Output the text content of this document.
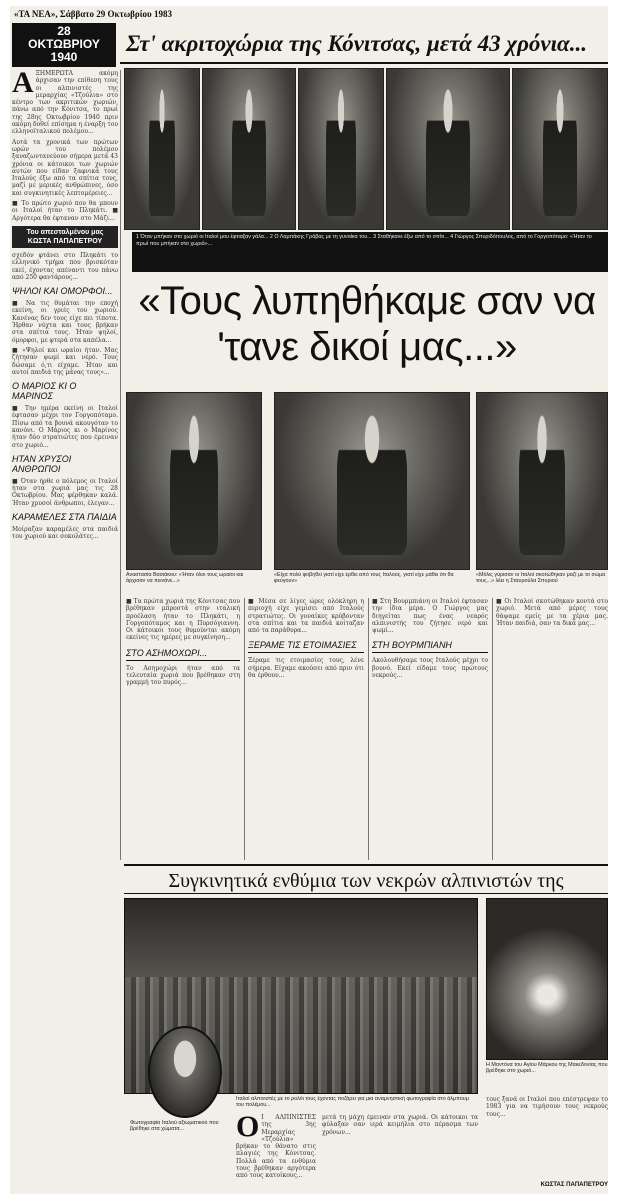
«ΤΑ ΝΕΑ», Σάββατο 29 Οκτωβρίου 1983
28
ΟΚΤΩΒΡΙΟΥ
1940
Στ' ακριτοχώρια της Κόνιτσας, μετά 43 χρόνια...

Α ΞΗΜΕΡΩΤΑ ακόμη άρχισαν την επίθεση τους οι αλπινιστές της μεραρχίας «Τζούλια» στο κέντρο των ακριτικών χωριών, πάνω από την Κόνιτσα, το πρωί της 28ης Οκτωβρίου 1940 πριν ακόμη δοθεί επίσημα η έναρξη του ελληνοϊταλικού πολέμου...

Αυτά τα χρονικά των πρώτων ωρών του πολέμου ξαναζωντανεύουν σήμερα μετά 43 χρόνια οι κάτοικοι των χωριών αυτών που είδαν ξαφνικά τους Ιταλούς έξω από τα σπίτια τους, μαζί με μερικές ανθρώπινες, όσο και συγκινητικές λεπτομέρειες...

■ Το πρώτο χωριό που θα μπουν οι Ιταλοί ήταν το Πληκάτι. ■ Αργότερα θα έφταναν στο Μάζι...

Του απεσταλμένου μας ΚΩΣΤΑ ΠΑΠΑΠΕΤΡΟΥ

σχεδόν φτάνει στο Πληκάτι το ελληνικό τμήμα που βρισκόταν εκεί, έχοντας απέναντι του πάνω από 250 φαντάρους...

ΨΗΛΟΙ ΚΑΙ ΟΜΟΡΦΟΙ...

■ Να τις θυμάται την εποχή εκείνη, οι γριές του χωριού. Κανένας δεν τους είχε πει τίποτα. Ήρθαν νύχτα και τους βρήκαν στα σπίτια τους. Ήταν ψηλοί, όμορφοι, με φτερά στα καπέλα...

■ «Ψηλοί και ωραίοι ήταν. Μας ζήτησαν ψωμί και νερό. Τους δώσαμε ό,τι είχαμε. Ήταν και αυτοί παιδιά της μάνας τους»...

Ο ΜΑΡΙΟΣ ΚΙ Ο ΜΑΡΙΝΟΣ

■ Την ημέρα εκείνη οι Ιταλοί έφτασαν μέχρι τον Γοργοπόταμο. Πίσω από τα βουνά ακουγόταν το κανόνι. Ο Μάριος κι ο Μαρίνος ήταν δύο στρατιώτες που έμειναν στο χωριό...

ΗΤΑΝ ΧΡΥΣΟΙ ΑΝΘΡΩΠΟΙ

■ Όταν ήρθε ο πόλεμος οι Ιταλοί ήταν στα χωριά μας τις 28 Οκτωβρίου. Μας φέρθηκαν καλά. Ήταν χρυσοί άνθρωποι, έλεγαν...

ΚΑΡΑΜΕΛΕΣ ΣΤΑ ΠΑΙΔΙΑ

Μοίραζαν καραμέλες στα παιδιά του χωριού και σοκολάτες...

1 Όταν μπήκαν στο χωριό οι Ιταλοί μου έφτιαξαν γάλα... 2 Ο Λαμπάκης Γράβας με τη γυναίκα του... 3 Σταθήκανε έξω από το σπίτι... 4 Γιώργος Σπυριδόπουλος, από το Γοργοπόταμο: «Ήταν το πρωί που μπήκαν στο χωριό»...
«Τους λυπηθήκαμε σαν να 'τανε δικοί μας...»
Αναστασία Βασιάκου: «Ήταν όλοι τους ωραίοι και άρχισαν να πεινάνε...»
«Είχα πολύ φοβηθεί γιατί είχε έρθει από τους Ιταλούς, γιατί είχε μάθει ότι θα φεύγουν»
«Μόλις γύρισαν οι Ιταλοί σκοτώθηκαν μαζί με το σώμα τους...» λέει η Σταυρούλα Σπυριού

■ Τα πρώτα χωριά της Κόνιτσας που βρέθηκαν μπροστά στην ιταλική προέλαση ήταν το Πληκάτι, η Γοργοπόταμος και η Πυρσόγιαννη. Οι κάτοικοι τους θυμούνται ακόμη εκείνες τις ημέρες με συγκίνηση...

ΣΤΟ ΑΣΗΜΟΧΩΡΙ...

Το Ασημοχώρι ήταν από τα τελευταία χωριά που βρέθηκαν στη γραμμή του πυρός...

■ Μέσα σε λίγες ώρες ολόκληρη η περιοχή είχε γεμίσει από Ιταλούς στρατιώτες. Οι γυναίκες κρύβονταν στα σπίτια και τα παιδιά κοίταζαν από τα παράθυρα...

ΞΕΡΑΜΕ ΤΙΣ ΕΤΟΙΜΑΣΙΕΣ

Ξέραμε τις ετοιμασίες τους, λένε σήμερα. Είχαμε ακούσει από πριν ότι θα έρθουν...

■ Στη Βουρμπιάνη οι Ιταλοί έφτασαν την ίδια μέρα. Ο Γιώργος μας διηγείται πως ένας νεαρός αλπινιστής του ζήτησε νερό και ψωμί...

ΣΤΗ ΒΟΥΡΜΠΙΑΝΗ

Ακολουθήσαμε τους Ιταλούς μέχρι το βουνό. Εκεί είδαμε τους πρώτους νεκρούς...

■ Οι Ιταλοί σκοτώθηκαν κοντά στο χωριό. Μετά από μέρες τους θάψαμε εμείς με τα χέρια μας. Ήταν παιδιά, σαν τα δικά μας...

Συγκινητικά ενθύμια των νεκρών αλπινιστών της
Φωτογραφία Ιταλού αξιωματικού που βρέθηκε στα χώματα...
Ιταλοί αλπινιστές με το ρολόι τους έχοντας ποζάρει για μια αναμνηστική φωτογραφία στο άλμπουμ του πολέμου...
Η Μαντόνα του Αγίου Μάρκου της Μακεδονίας που βρέθηκε στο χωριό...
Ο Ι ΑΛΠΙΝΙΣΤΕΣ της 3ης Μεραρχίας «Τζούλια» βρήκαν το θάνατο στις πλαγιές της Κόνιτσας. Πολλά από τα ενθύμια τους βρέθηκαν αργότερα από τους κατοίκους...
μετά τη μάχη έμειναν στα χωριά. Οι κάτοικοι τα φύλαξαν σαν ιερά κειμήλια στο πέρασμα των χρόνων...
τους ξανά οι Ιταλοί που επέστρεψαν το 1983 για να τιμήσουν τους νεκρούς τους...
ΚΩΣΤΑΣ ΠΑΠΑΠΕΤΡΟΥ
